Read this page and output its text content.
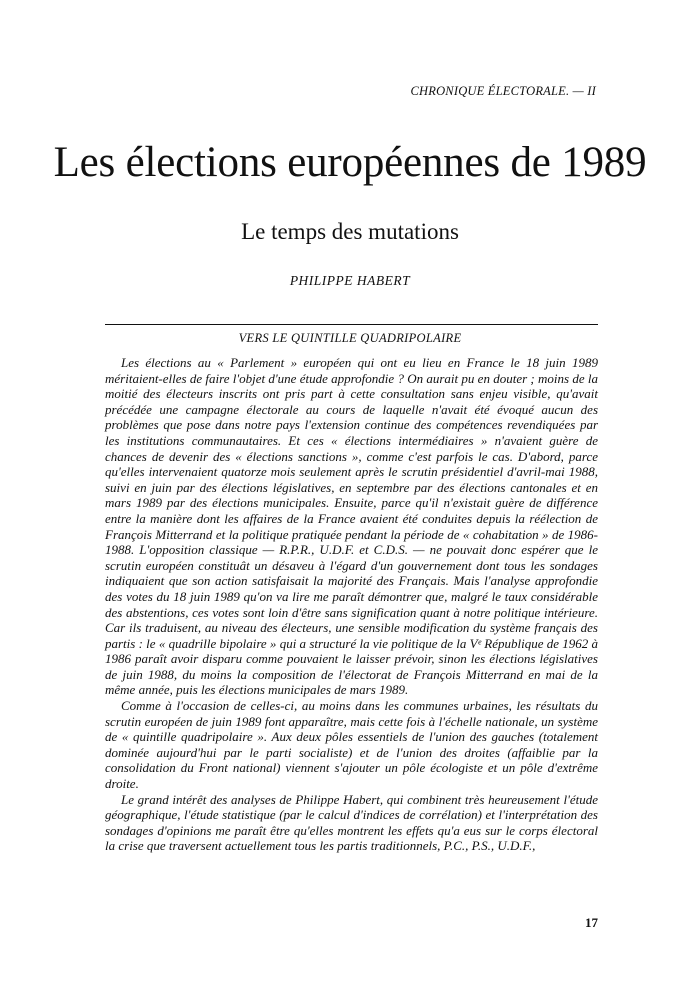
CHRONIQUE ÉLECTORALE. — II
Les élections européennes de 1989
Le temps des mutations
PHILIPPE HABERT
VERS LE QUINTILLE QUADRIPOLAIRE

Les élections au « Parlement » européen qui ont eu lieu en France le 18 juin 1989 méritaient-elles de faire l'objet d'une étude approfondie ? On aurait pu en douter ; moins de la moitié des électeurs inscrits ont pris part à cette consultation sans enjeu visible, qu'avait précédée une campagne électorale au cours de laquelle n'avait été évoqué aucun des problèmes que pose dans notre pays l'extension continue des compétences revendiquées par les institutions communautaires. Et ces « élections intermédiaires » n'avaient guère de chances de devenir des « élections sanctions », comme c'est parfois le cas. D'abord, parce qu'elles intervenaient quatorze mois seulement après le scrutin présidentiel d'avril-mai 1988, suivi en juin par des élections législatives, en septembre par des élections cantonales et en mars 1989 par des élections municipales. Ensuite, parce qu'il n'existait guère de différence entre la manière dont les affaires de la France avaient été conduites depuis la réélection de François Mitterrand et la politique pratiquée pendant la période de « cohabitation » de 1986-1988. L'opposition classique — R.P.R., U.D.F. et C.D.S. — ne pouvait donc espérer que le scrutin européen constituât un désaveu à l'égard d'un gouvernement dont tous les sondages indiquaient que son action satisfaisait la majorité des Français. Mais l'analyse approfondie des votes du 18 juin 1989 qu'on va lire me paraît démontrer que, malgré le taux considérable des abstentions, ces votes sont loin d'être sans signification quant à notre politique intérieure. Car ils traduisent, au niveau des électeurs, une sensible modification du système français des partis : le « quadrille bipolaire » qui a structuré la vie politique de la Vᵉ République de 1962 à 1986 paraît avoir disparu comme pouvaient le laisser prévoir, sinon les élections législatives de juin 1988, du moins la composition de l'électorat de François Mitterrand en mai de la même année, puis les élections municipales de mars 1989.

Comme à l'occasion de celles-ci, au moins dans les communes urbaines, les résultats du scrutin européen de juin 1989 font apparaître, mais cette fois à l'échelle nationale, un système de « quintille quadripolaire ». Aux deux pôles essentiels de l'union des gauches (totalement dominée aujourd'hui par le parti socialiste) et de l'union des droites (affaiblie par la consolidation du Front national) viennent s'ajouter un pôle écologiste et un pôle d'extrême droite.

Le grand intérêt des analyses de Philippe Habert, qui combinent très heureusement l'étude géographique, l'étude statistique (par le calcul d'indices de corrélation) et l'interprétation des sondages d'opinions me paraît être qu'elles montrent les effets qu'a eus sur le corps électoral la crise que traversent actuellement tous les partis traditionnels, P.C., P.S., U.D.F.,

17
